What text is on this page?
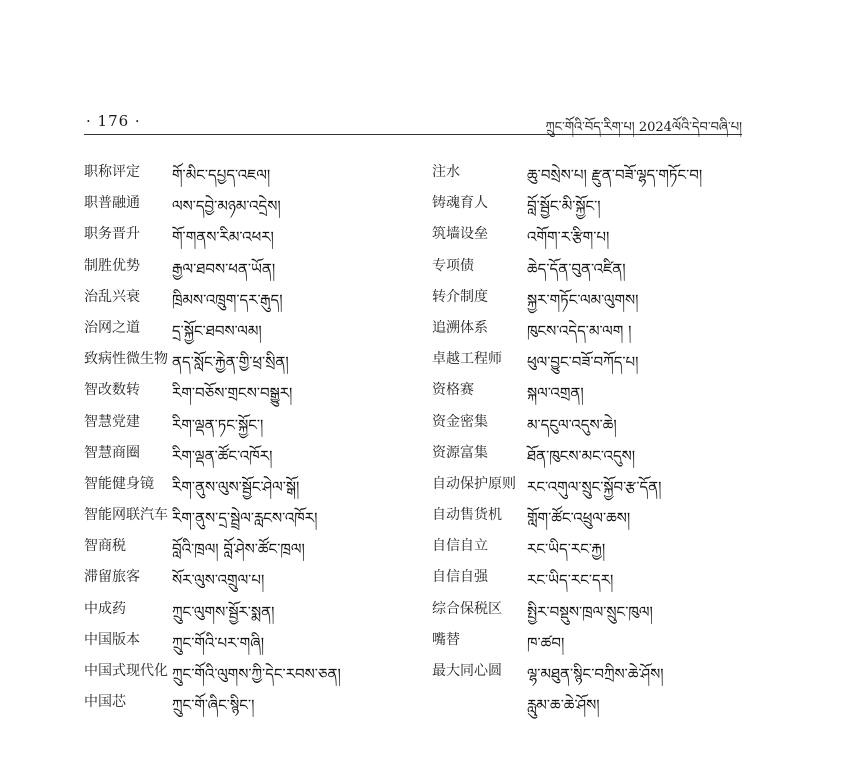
· 176 ·	ཀྲུང་གོའི་བོད་རིག་པ། 2024ལོའི་དེབ་བཞི་པ།
职称评定 གོ་མིང་དཔྱད་འཇལ།
职普融通 ལས་དབྱེ་མཉམ་འདྲེས།
职务晋升 གོ་གནས་རིམ་འཕར།
制胜优势 རྒྱལ་ཐབས་ཕན་ཡོན།
治乱兴衰 ཁྲིམས་འཁྲུག་དར་རྒུད།
治网之道 དྲ་སྐྱོང་ཐབས་ལམ།
致病性微生物 ནད་སློང་རྐྱེན་གྱི་ཕྲ་སྲིན།
智改数转 རིག་བཅོས་གྲངས་བསྒྱུར།
智慧党建 རིག་ལྡན་ཏང་སྐྱོང་།
智慧商圈 རིག་ལྡན་ཚོང་འཁོར།
智能健身镜 རིག་ནུས་ལུས་སྦྱོང་ཤེལ་སྒོ།
智能网联汽车 རིག་ནུས་དྲ་སྦྲེལ་རླངས་འཁོར།
智商税	བློའི་ཁྲལ། བློ་ཤེས་ཚོང་ཁྲལ།
滞留旅客 སོར་ལུས་འགྲུལ་པ།
中成药	ཀྲུང་ལུགས་སྦྱོར་སྨན།
中国版本 ཀྲུང་གོའི་པར་གཞི།
中国式现代化 ཀྲུང་གོའི་ལུགས་ཀྱི་དེང་རབས་ཅན།
中国芯	ཀྲུང་གོ་ཞིང་སྙིང་།
注水	ཆུ་བསྲེས་པ། རྫུན་བཟོ་ལྷད་གཏོང་བ།
铸魂育人	བློ་སྦྱོང་མི་སྐྱོང་།
筑墙设垒	འགོག་ར་རྩིག་པ།
专项债	ཆེད་དོན་བུན་འཛིན།
转介制度	སྐྱར་གཏོང་ལམ་ལུགས།
追溯体系	ཁུངས་འདེད་མ་ལག །
卓越工程师 ཕུལ་བྱུང་བཟོ་བཀོད་པ།
资格赛	སྐལ་འགྲན།
资金密集	མ་དངུལ་འདུས་ཆེ།
资源富集	ཐོན་ཁུངས་མང་འདུས།
自动保护原则 རང་འགུལ་སྲུང་སྐྱོབ་རྩ་དོན།
自动售货机 གློག་ཚོང་འཕྲུལ་ཆས།
自信自立	རང་ཡིད་རང་རྐྱ།
自信自强	རང་ཡིད་རང་དར།
综合保税区 སྤྱིར་བསྡུས་ཁྲལ་སྲུང་ཁུལ།
嘴替	ཁ་ཚབ།
最大同心圆 ལྷ་མཐུན་སྙིང་བཀྲིས་ཆེ་ཤོས།
རླུམ་ཆ་ཆེ་ཤོས།
